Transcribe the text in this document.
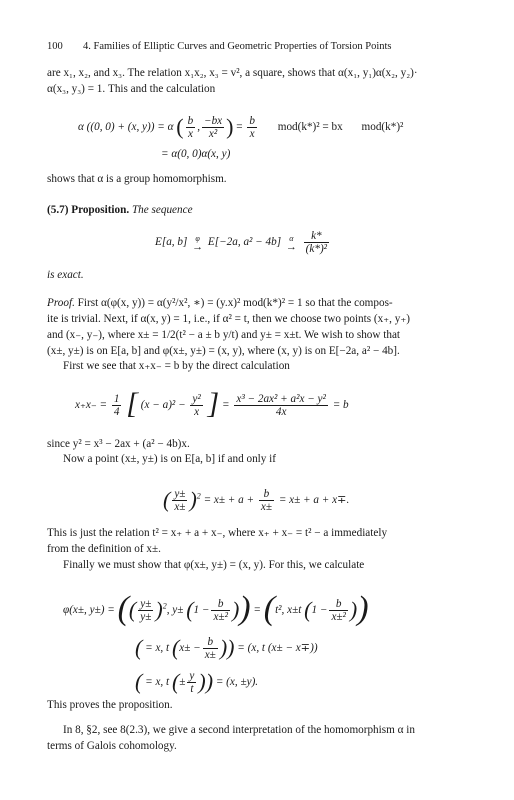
100 4. Families of Elliptic Curves and Geometric Properties of Torsion Points
are x₁, x₂, and x₃. The relation x₁x₂, x₃ = v², a square, shows that α(x₁, y₁)α(x₂, y₂)·
α(x₃, y₃) = 1. This and the calculation
α ((0, 0) + (x, y)) = α ( $\frac{b}{x}$ , $\frac{-bx}{\text{x²}}$ ) = $\frac{b}{x} mod(k*)^2$ = bx mod(k*)²
= α(0, 0)α(x, y)
shows that α is a group homomorphism.
(5.7) Proposition. The sequence
E[a, b]	φ
→ E[−2a, a² − 4b]	α
→
$\frac{k*}{\text{(k*)²}}$
is exact.
Proof. First α(φ(x, y)) = α(y²/x², ∗) = (y.x)² mod(k*)² = 1 so that the compos-
ite is trivial. Next, if α(x, y) = 1, i.e., if α² = t, then we choose two points (x₊, y₊)
and (x₋, y₋), where x± = 1/2(t² − a ± b y/t) and y± = x±t. We wish to show that
(x±, y±) is on E[a, b] and φ(x±, y±) = (x, y), where (x, y) is on E[−2a, a² − 4b].
First we see that x₊x₋ = b by the direct calculation
$x_+x_- = \frac{1}{4}$ [ $(x - a)^2 - \frac{\text{y²}}{x}$ ] = $\frac{\text{x³ − 2ax² + a²x − y²}}{4x} = b$
since y² = x³ − 2ax + (a² − 4b)x.
Now a point (x±, y±) is on E[a, b] if and only if
( $\frac{y\pm}{x\pm} )^2 = x\pm + a + \frac{b}{x\pm} = x\pm + a + x\mp$.
This is just the relation t² = x₊ + a + x₋, where x₊ + x₋ = t² − a immediately
from the definition of x±.
Finally we must show that φ(x±, y±) = (x, y). For this, we calculate
φ(x±, y±) = (( $\frac{y\pm}{y\pm} )^2$, $y\pm (1 - \frac{b}{\text{x±²}}$ )) = (t², x±t ($1 - \frac{b}{\text{x±²}}$ ))
( = x, t ($x\pm - \frac{b}{x\pm}$ )) = (x, t (x± − x∓))
( = x, t (± $\frac{y}{t}$ )) = (x, ±y).
This proves the proposition.
In 8, §2, see 8(2.3), we give a second interpretation of the homomorphism α in
terms of Galois cohomology.
